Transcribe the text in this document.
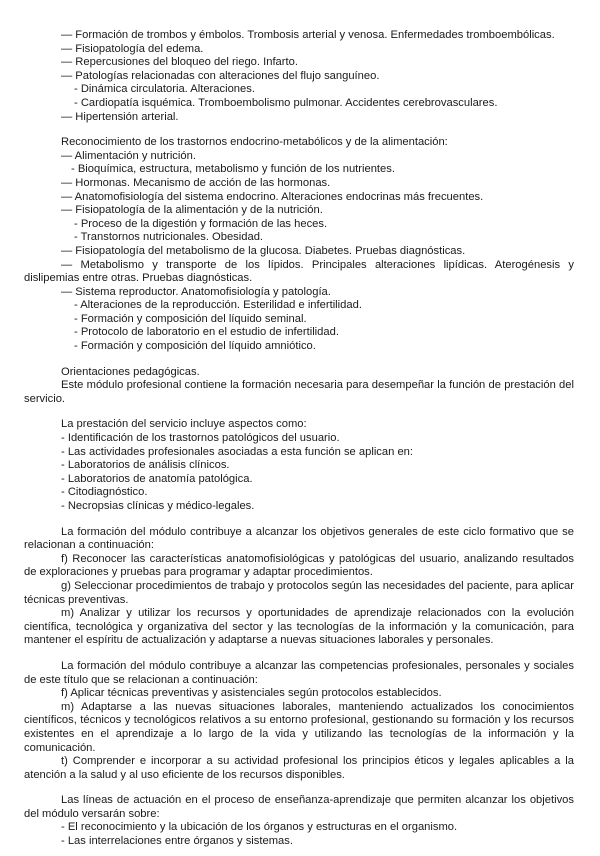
— Formación de trombos y émbolos. Trombosis arterial y venosa. Enfermedades tromboembólicas.
— Fisiopatología del edema.
— Repercusiones del bloqueo del riego. Infarto.
— Patologías relacionadas con alteraciones del flujo sanguíneo.
- Dinámica circulatoria. Alteraciones.
- Cardiopatía isquémica. Tromboembolismo pulmonar. Accidentes cerebrovasculares.
— Hipertensión arterial.
Reconocimiento de los trastornos endocrino-metabólicos y de la alimentación:
— Alimentación y nutrición.
- Bioquímica, estructura, metabolismo y función de los nutrientes.
— Hormonas. Mecanismo de acción de las hormonas.
— Anatomofisiología del sistema endocrino. Alteraciones endocrinas más frecuentes.
— Fisiopatología de la alimentación y de la nutrición.
- Proceso de la digestión y formación de las heces.
- Transtornos nutricionales. Obesidad.
— Fisiopatología del metabolismo de la glucosa. Diabetes. Pruebas diagnósticas.
— Metabolismo y transporte de los lípidos. Principales alteraciones lipídicas. Aterogénesis y dislipemias entre otras. Pruebas diagnósticas.
— Sistema reproductor. Anatomofisiología y patología.
- Alteraciones de la reproducción. Esterilidad e infertilidad.
- Formación y composición del líquido seminal.
- Protocolo de laboratorio en el estudio de infertilidad.
- Formación y composición del líquido amniótico.
Orientaciones pedagógicas.
Este módulo profesional contiene la formación necesaria para desempeñar la función de prestación del servicio.
La prestación del servicio incluye aspectos como:
- Identificación de los trastornos patológicos del usuario.
- Las actividades profesionales asociadas a esta función se aplican en:
- Laboratorios de análisis clínicos.
- Laboratorios de anatomía patológica.
- Citodiagnóstico.
- Necropsias clínicas y médico-legales.
La formación del módulo contribuye a alcanzar los objetivos generales de este ciclo formativo que se relacionan a continuación:
f) Reconocer las características anatomofisiológicas y patológicas del usuario, analizando resultados de exploraciones y pruebas para programar y adaptar procedimientos.
g) Seleccionar procedimientos de trabajo y protocolos según las necesidades del paciente, para aplicar técnicas preventivas.
m) Analizar y utilizar los recursos y oportunidades de aprendizaje relacionados con la evolución científica, tecnológica y organizativa del sector y las tecnologías de la información y la comunicación, para mantener el espíritu de actualización y adaptarse a nuevas situaciones laborales y personales.
La formación del módulo contribuye a alcanzar las competencias profesionales, personales y sociales de este título que se relacionan a continuación:
f) Aplicar técnicas preventivas y asistenciales según protocolos establecidos.
m) Adaptarse a las nuevas situaciones laborales, manteniendo actualizados los conocimientos científicos, técnicos y tecnológicos relativos a su entorno profesional, gestionando su formación y los recursos existentes en el aprendizaje a lo largo de la vida y utilizando las tecnologías de la información y la comunicación.
t) Comprender e incorporar a su actividad profesional los principios éticos y legales aplicables a la atención a la salud y al uso eficiente de los recursos disponibles.
Las líneas de actuación en el proceso de enseñanza-aprendizaje que permiten alcanzar los objetivos del módulo versarán sobre:
- El reconocimiento y la ubicación de los órganos y estructuras en el organismo.
- Las interrelaciones entre órganos y sistemas.
